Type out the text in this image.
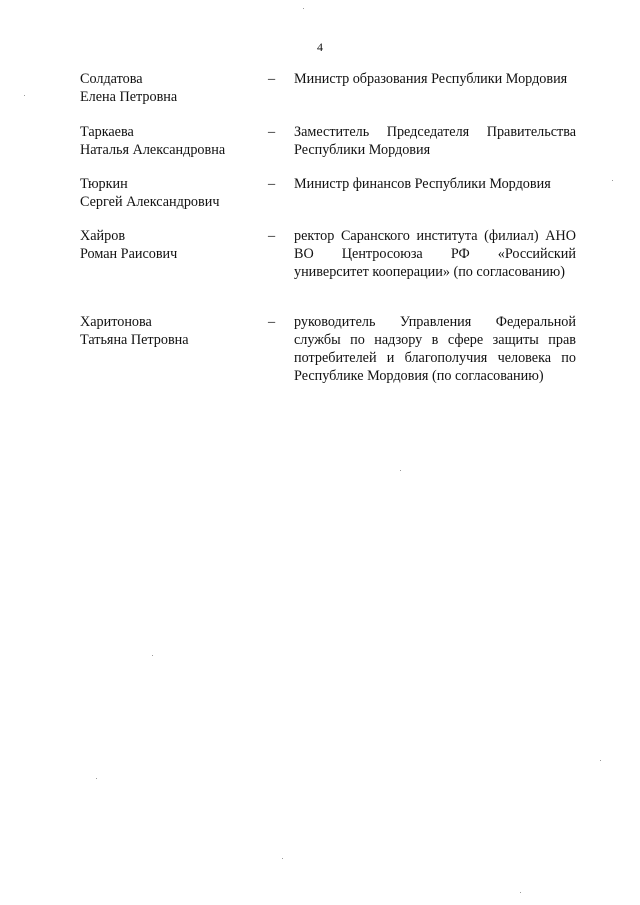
4
Солдатова
Елена Петровна
– Министр образования Республики Мордовия
Таркаева
Наталья Александровна
– Заместитель Председателя Правительства Республики Мордовия
Тюркин
Сергей Александрович
– Министр финансов Республики Мордовия
Хайров
Роман Раисович
– ректор Саранского института (филиал) АНО ВО Центросоюза РФ «Российский университет кооперации» (по согласованию)
Харитонова
Татьяна Петровна
– руководитель Управления Федеральной службы по надзору в сфере защиты прав потребителей и благополучия человека по Республике Мордовия (по согласованию)
